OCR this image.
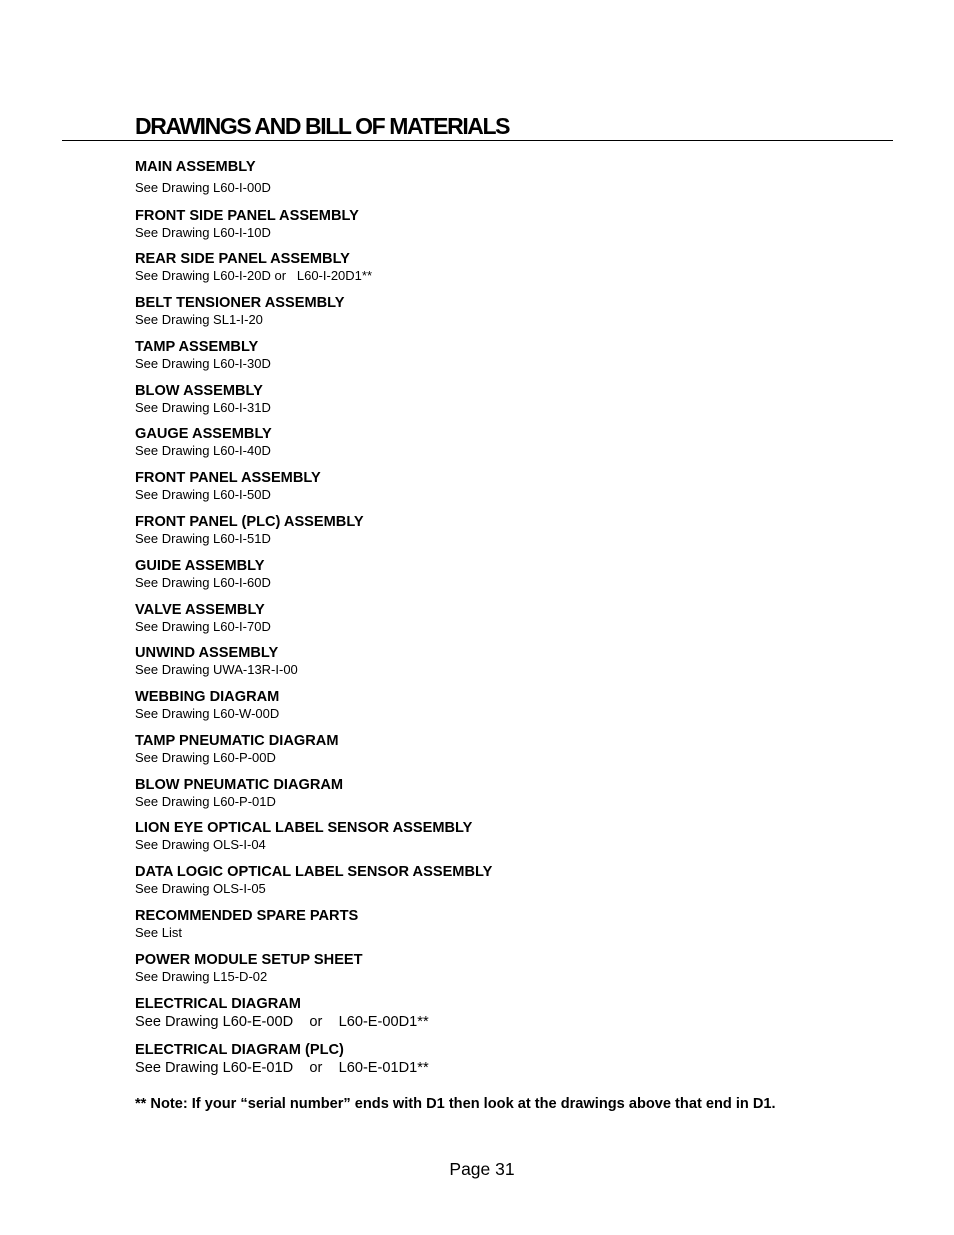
DRAWINGS AND BILL OF MATERIALS
MAIN ASSEMBLY
See Drawing L60-I-00D
FRONT SIDE PANEL ASSEMBLY
See Drawing L60-I-10D
REAR SIDE PANEL ASSEMBLY
See Drawing L60-I-20D or   L60-I-20D1**
BELT TENSIONER ASSEMBLY
See Drawing SL1-I-20
TAMP ASSEMBLY
See Drawing L60-I-30D
BLOW ASSEMBLY
See Drawing L60-I-31D
GAUGE ASSEMBLY
See Drawing L60-I-40D
FRONT PANEL ASSEMBLY
See Drawing L60-I-50D
FRONT PANEL (PLC) ASSEMBLY
See Drawing L60-I-51D
GUIDE ASSEMBLY
See Drawing L60-I-60D
VALVE ASSEMBLY
See Drawing L60-I-70D
UNWIND ASSEMBLY
See Drawing UWA-13R-I-00
WEBBING DIAGRAM
See Drawing L60-W-00D
TAMP PNEUMATIC DIAGRAM
See Drawing L60-P-00D
BLOW PNEUMATIC DIAGRAM
See Drawing L60-P-01D
LION EYE OPTICAL LABEL SENSOR ASSEMBLY
See Drawing OLS-I-04
DATA LOGIC OPTICAL LABEL SENSOR ASSEMBLY
See Drawing OLS-I-05
RECOMMENDED SPARE PARTS
See List
POWER MODULE SETUP SHEET
See Drawing L15-D-02
ELECTRICAL DIAGRAM
See Drawing L60-E-00D    or    L60-E-00D1**
ELECTRICAL DIAGRAM (PLC)
See Drawing L60-E-01D    or    L60-E-01D1**
** Note: If your “serial number” ends with D1 then look at the drawings above that end in D1.
Page 31
